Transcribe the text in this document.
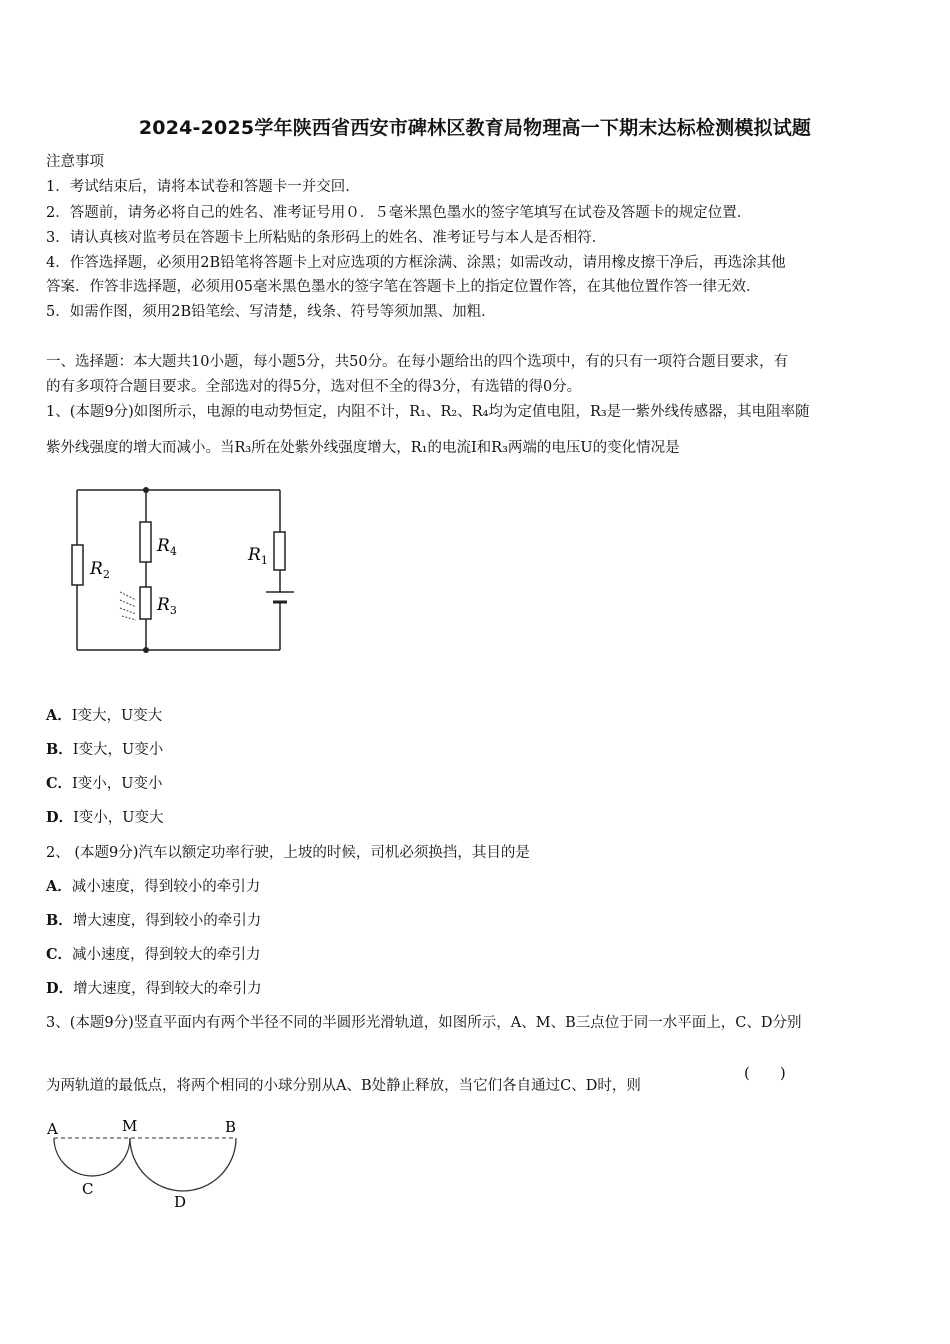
2024-2025学年陕西省西安市碑林区教育局物理高一下期末达标检测模拟试题
注意事项
1．考试结束后，请将本试卷和答题卡一并交回．
2．答题前，请务必将自己的姓名、准考证号用０．５毫米黑色墨水的签字笔填写在试卷及答题卡的规定位置．
3．请认真核对监考员在答题卡上所粘贴的条形码上的姓名、准考证号与本人是否相符．
4．作答选择题，必须用2B铅笔将答题卡上对应选项的方框涂满、涂黑；如需改动，请用橡皮擦干净后，再选涂其他
答案．作答非选择题，必须用05毫米黑色墨水的签字笔在答题卡上的指定位置作答，在其他位置作答一律无效．
5．如需作图，须用2B铅笔绘、写清楚，线条、符号等须加黑、加粗．
一、选择题：本大题共10小题，每小题5分，共50分。在每小题给出的四个选项中，有的只有一项符合题目要求，有
的有多项符合题目要求。全部选对的得5分，选对但不全的得3分，有选错的得0分。
1、(本题9分)如图所示，电源的电动势恒定，内阻不计，R₁、R₂、R₄均为定值电阻，R₃是一紫外线传感器，其电阻率随
紫外线强度的增大而减小。当R₃所在处紫外线强度增大，R₁的电流I和R₃两端的电压U的变化情况是
$R_2$
$R_4$
$R_3$
$R_1$
A．I变大，U变大
B．I变大，U变小
C．I变小，U变小
D．I变小，U变大
2、 (本题9分)汽车以额定功率行驶，上坡的时候，司机必须换挡，其目的是
A．减小速度，得到较小的牵引力
B．增大速度，得到较小的牵引力
C．减小速度，得到较大的牵引力
D．增大速度，得到较大的牵引力
3、(本题9分)竖直平面内有两个半径不同的半圆形光滑轨道，如图所示，A、M、B三点位于同一水平面上，C、D分别
为两轨道的最低点，将两个相同的小球分别从A、B处静止释放，当它们各自通过C、D时，则
(　　)
A	M	B
C
D
